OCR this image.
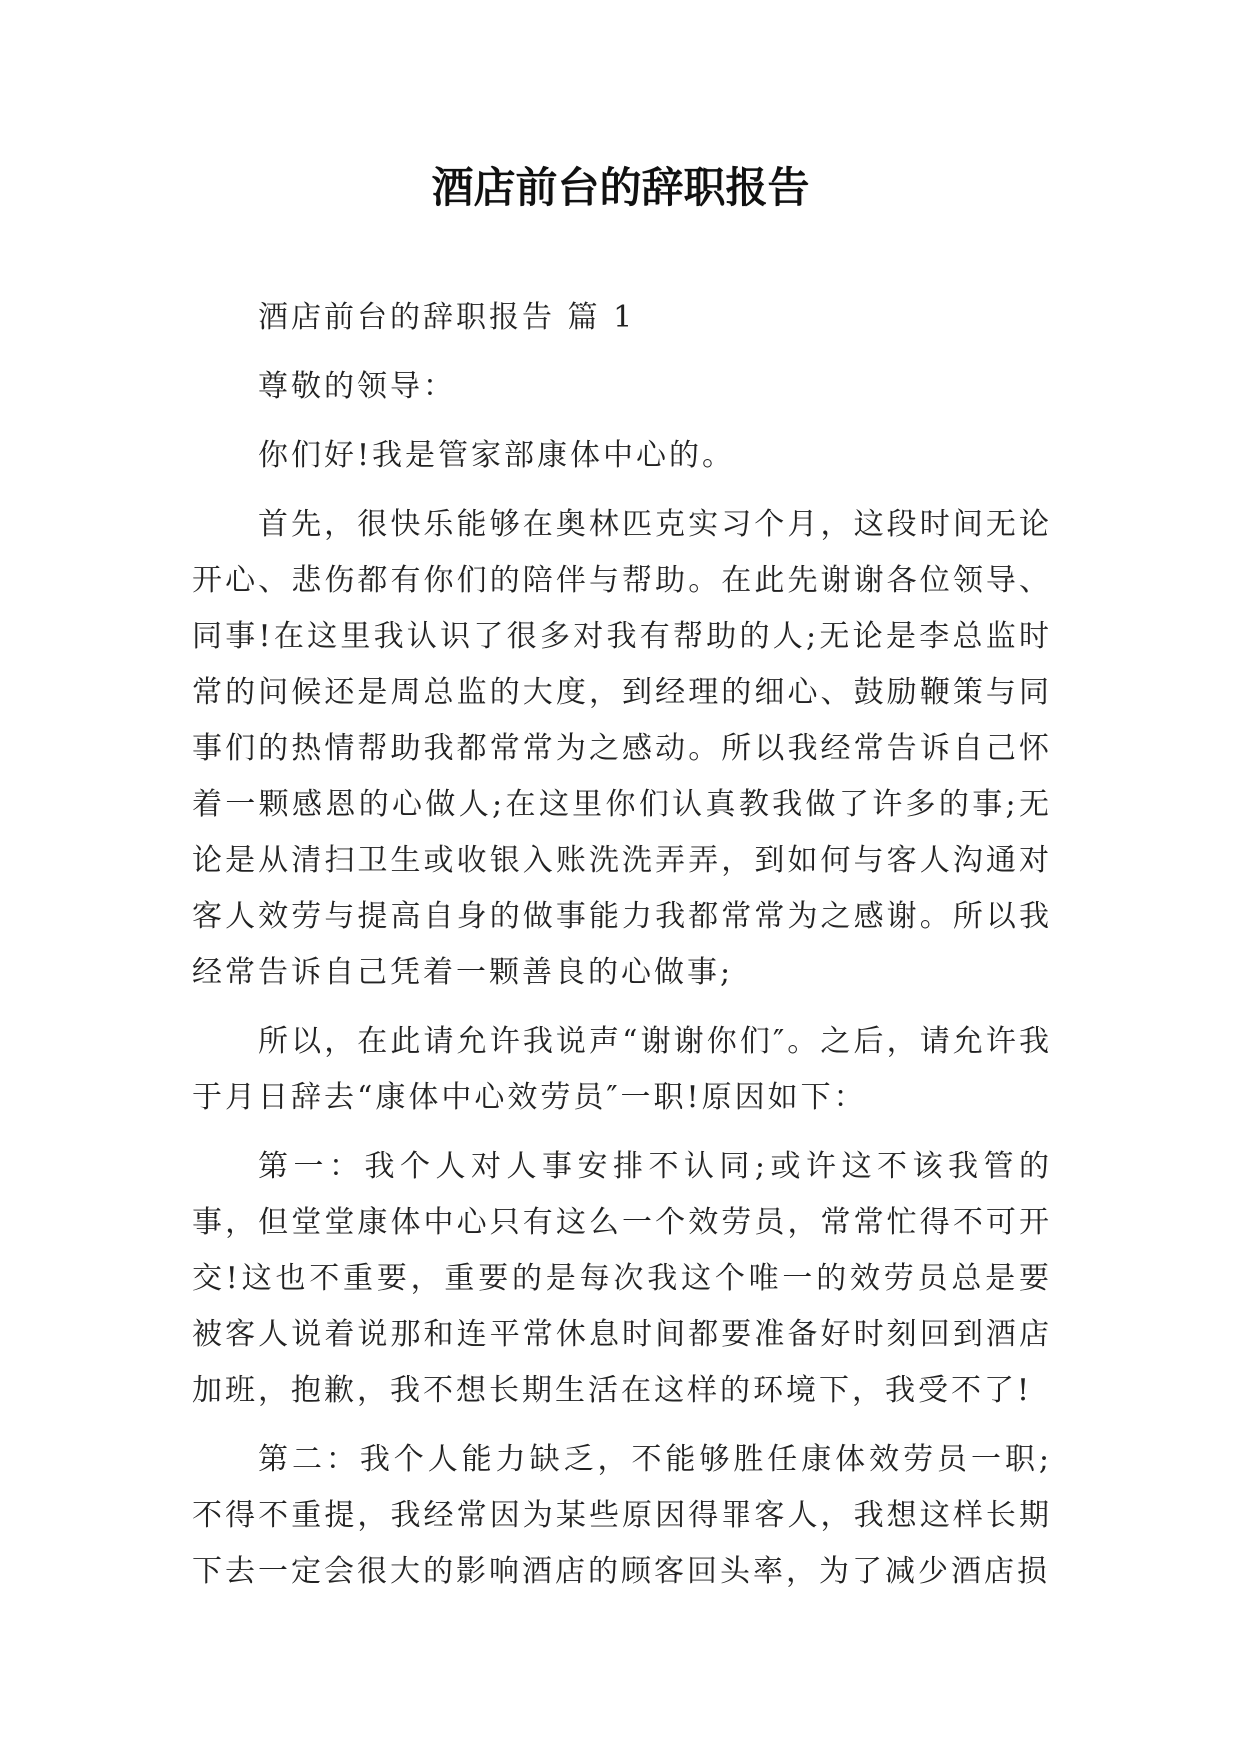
酒店前台的辞职报告

酒店前台的辞职报告 篇 1

尊敬的领导：

你们好!我是管家部康体中心的。

首先，很快乐能够在奥林匹克实习个月，这段时间无论开心、悲伤都有你们的陪伴与帮助。在此先谢谢各位领导、同事!在这里我认识了很多对我有帮助的人;无论是李总监时常的问候还是周总监的大度，到经理的细心、鼓励鞭策与同事们的热情帮助我都常常为之感动。所以我经常告诉自己怀着一颗感恩的心做人;在这里你们认真教我做了许多的事;无论是从清扫卫生或收银入账洗洗弄弄，到如何与客人沟通对客人效劳与提高自身的做事能力我都常常为之感谢。所以我经常告诉自己凭着一颗善良的心做事;

所以，在此请允许我说声“谢谢你们″。之后，请允许我于月日辞去“康体中心效劳员″一职!原因如下：

第一：我个人对人事安排不认同;或许这不该我管的事，但堂堂康体中心只有这么一个效劳员，常常忙得不可开交!这也不重要，重要的是每次我这个唯一的效劳员总是要被客人说着说那和连平常休息时间都要准备好时刻回到酒店加班，抱歉，我不想长期生活在这样的环境下，我受不了!

第二：我个人能力缺乏，不能够胜任康体效劳员一职;不得不重提，我经常因为某些原因得罪客人，我想这样长期下去一定会很大的影响酒店的顾客回头率，为了减少酒店损
